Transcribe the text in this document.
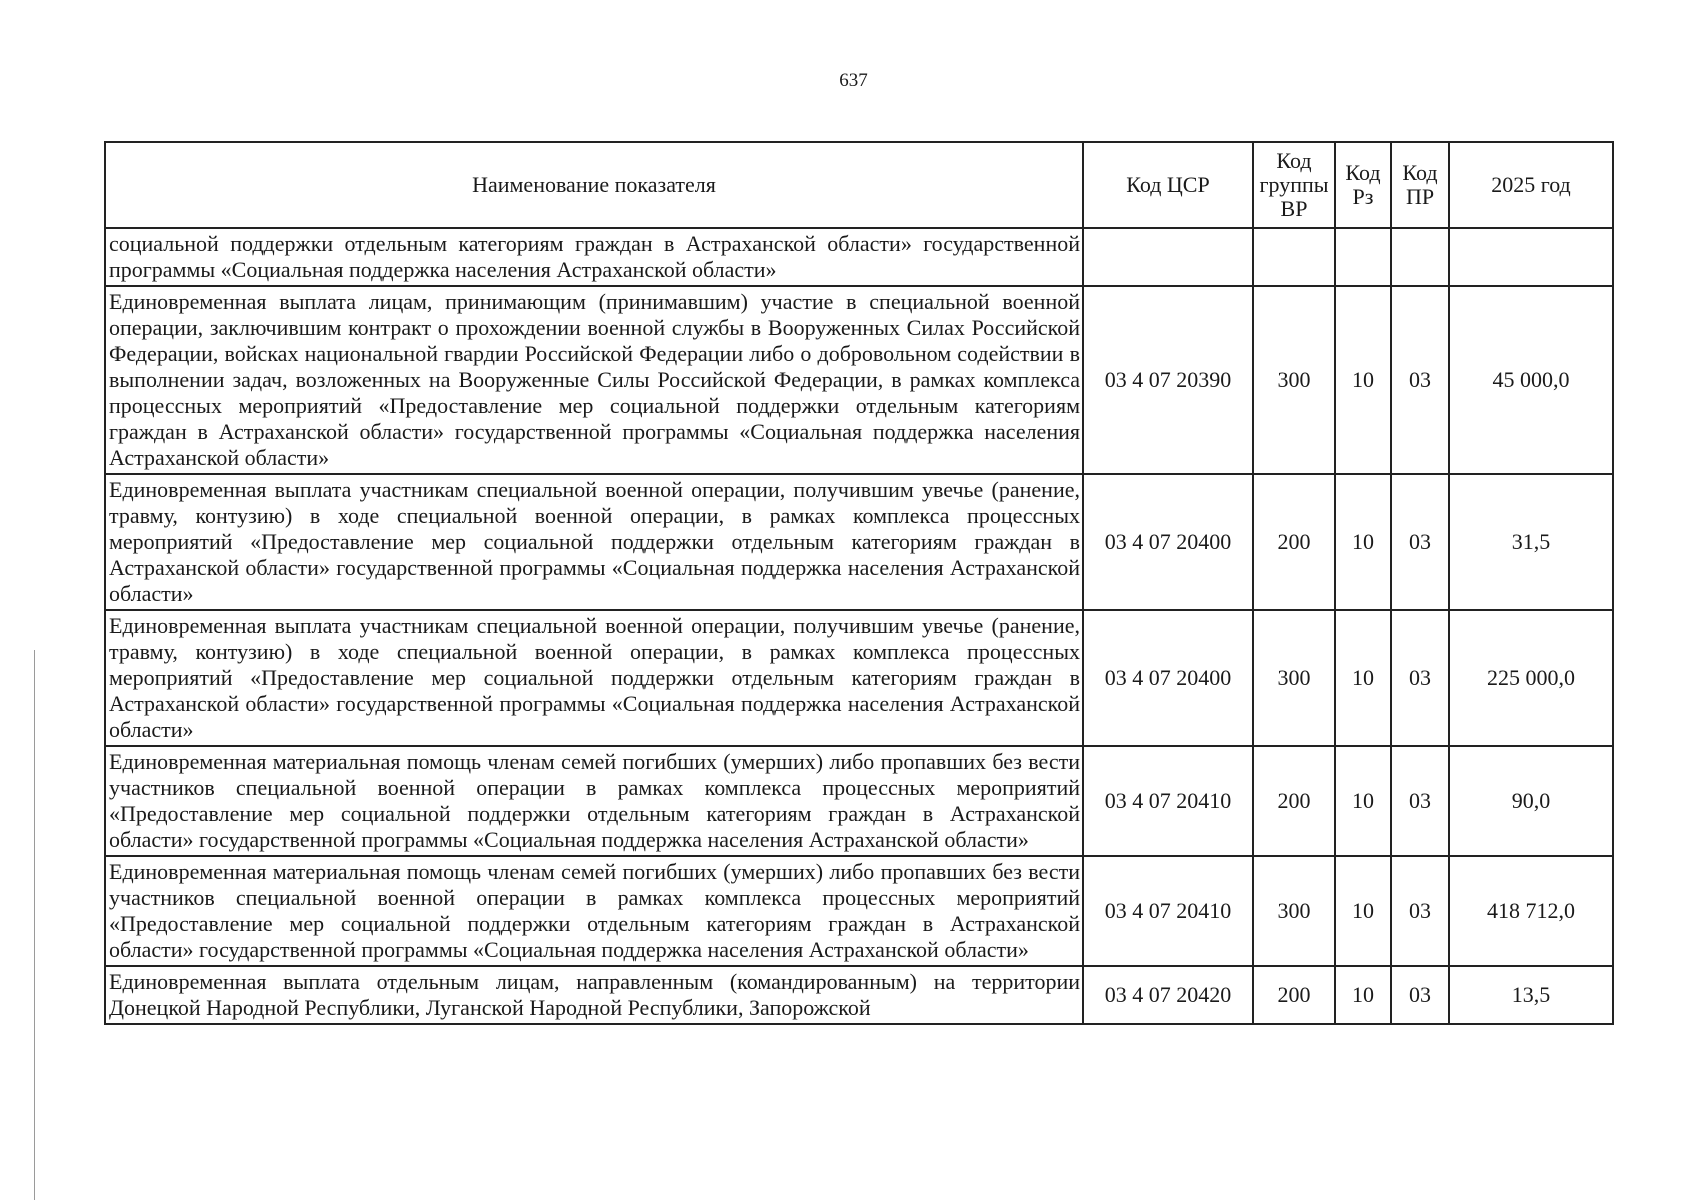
637
Наименование показателя	Код ЦСР	Код группы ВР	Код Рз	Код ПР	2025 год
социальной поддержки отдельным категориям граждан в Астраханской области» государственной программы «Социальная поддержка населения Астраханской области»					
Единовременная выплата лицам, принимающим (принимавшим) участие в специальной военной операции, заключившим контракт о прохождении военной службы в Вооруженных Силах Российской Федерации, войсках национальной гвардии Российской Федерации либо о добровольном содействии в выполнении задач, возложенных на Вооруженные Силы Российской Федерации, в рамках комплекса процессных мероприятий «Предоставление мер социальной поддержки отдельным категориям граждан в Астраханской области» государственной программы «Социальная поддержка населения Астраханской области»	03 4 07 20390	300	10	03	45 000,0
Единовременная выплата участникам специальной военной операции, получившим увечье (ранение, травму, контузию) в ходе специальной военной операции, в рамках комплекса процессных мероприятий «Предоставление мер социальной поддержки отдельным категориям граждан в Астраханской области» государственной программы «Социальная поддержка населения Астраханской области»	03 4 07 20400	200	10	03	31,5
Единовременная выплата участникам специальной военной операции, получившим увечье (ранение, травму, контузию) в ходе специальной военной операции, в рамках комплекса процессных мероприятий «Предоставление мер социальной поддержки отдельным категориям граждан в Астраханской области» государственной программы «Социальная поддержка населения Астраханской области»	03 4 07 20400	300	10	03	225 000,0
Единовременная материальная помощь членам семей погибших (умерших) либо пропавших без вести участников специальной военной операции в рамках комплекса процессных мероприятий «Предоставление мер социальной поддержки отдельным категориям граждан в Астраханской области» государственной программы «Социальная поддержка населения Астраханской области»	03 4 07 20410	200	10	03	90,0
Единовременная материальная помощь членам семей погибших (умерших) либо пропавших без вести участников специальной военной операции в рамках комплекса процессных мероприятий «Предоставление мер социальной поддержки отдельным категориям граждан в Астраханской области» государственной программы «Социальная поддержка населения Астраханской области»	03 4 07 20410	300	10	03	418 712,0
Единовременная выплата отдельным лицам, направленным (командированным) на территории Донецкой Народной Республики, Луганской Народной Республики, Запорожской	03 4 07 20420	200	10	03	13,5
